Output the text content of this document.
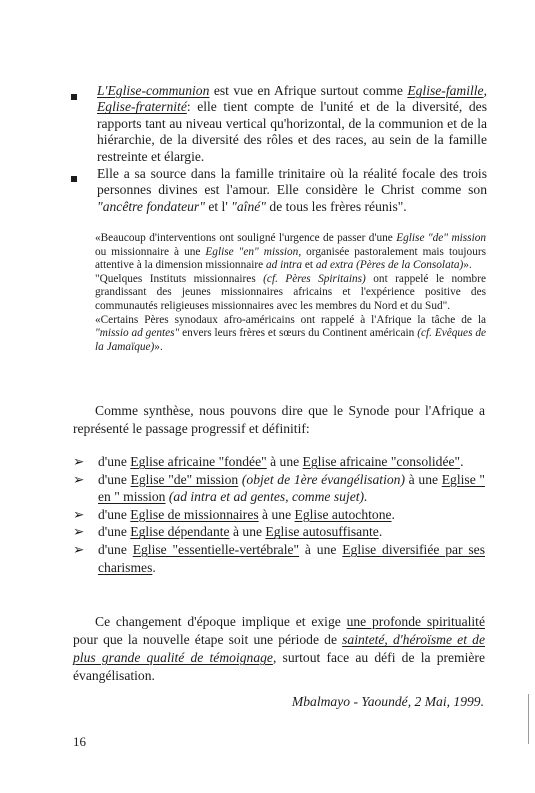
L'Eglise-communion est vue en Afrique surtout comme Eglise-famille, Eglise-fraternité: elle tient compte de l'unité et de la diversité, des rapports tant au niveau vertical qu'horizontal, de la communion et de la hiérarchie, de la diversité des rôles et des races, au sein de la famille restreinte et élargie.
Elle a sa source dans la famille trinitaire où la réalité focale des trois personnes divines est l'amour. Elle considère le Christ comme son "ancêtre fondateur" et l' "aîné" de tous les frères réunis".

«Beaucoup d'interventions ont souligné l'urgence de passer d'une Eglise "de" mission ou missionnaire à une Eglise "en" mission, organisée pastoralement mais toujours attentive à la dimension missionnaire ad intra et ad extra (Pères de la Consolata)».

"Quelques Instituts missionnaires (cf. Pères Spiritains) ont rappelé le nombre grandissant des jeunes missionnaires africains et l'expérience positive des communautés religieuses missionnaires avec les membres du Nord et du Sud".

«Certains Pères synodaux afro-américains ont rappelé à l'Afrique la tâche de la "missio ad gentes" envers leurs frères et sœurs du Continent américain (cf. Evêques de la Jamaïque)».

Comme synthèse, nous pouvons dire que le Synode pour l'Afrique a représenté le passage progressif et définitif:

➢ d'une Eglise africaine "fondée" à une Eglise africaine "consolidée".
➢ d'une Eglise "de" mission (objet de 1ère évangélisation) à une Eglise " en " mission (ad intra et ad gentes, comme sujet).
➢ d'une Eglise de missionnaires à une Eglise autochtone.
➢ d'une Eglise dépendante à une Eglise autosuffisante.
➢ d'une Eglise "essentielle-vertébrale" à une Eglise diversifiée par ses charismes.

Ce changement d'époque implique et exige une profonde spiritualité pour que la nouvelle étape soit une période de sainteté, d'héroïsme et de plus grande qualité de témoignage, surtout face au défi de la première évangélisation.

Mbalmayo - Yaoundé, 2 Mai, 1999.
16
